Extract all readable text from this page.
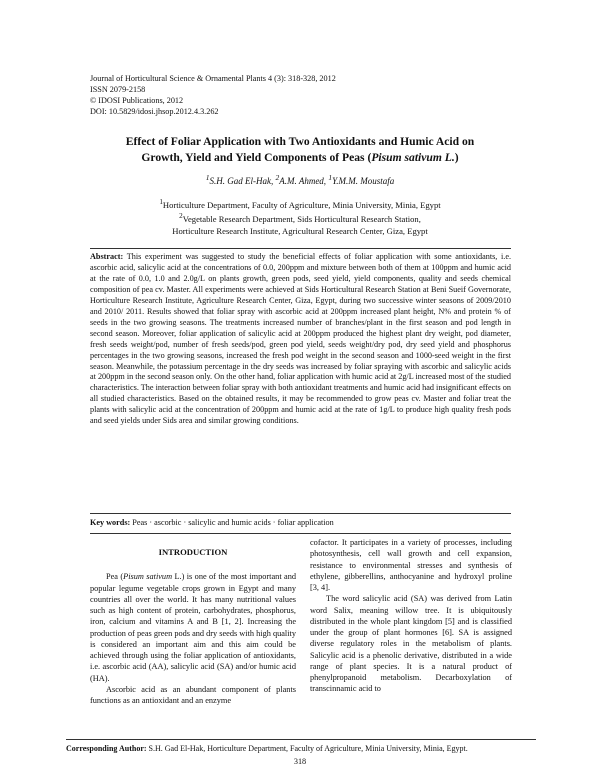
Journal of Horticultural Science & Ornamental Plants 4 (3): 318-328, 2012
ISSN 2079-2158
© IDOSI Publications, 2012
DOI: 10.5829/idosi.jhsop.2012.4.3.262
Effect of Foliar Application with Two Antioxidants and Humic Acid on
Growth, Yield and Yield Components of Peas (Pisum sativum L.)
$^1$S.H. Gad El-Hak, $^2$A.M. Ahmed, $^1$Y.M.M. Moustafa
$^1$Horticulture Department, Faculty of Agriculture, Minia University, Minia, Egypt
$^2$Vegetable Research Department, Sids Horticultural Research Station,
Horticulture Research Institute, Agricultural Research Center, Giza, Egypt
Abstract: This experiment was suggested to study the beneficial effects of foliar application with some antioxidants, i.e. ascorbic acid, salicylic acid at the concentrations of 0.0, 200ppm and mixture between both of them at 100ppm and humic acid at the rate of 0.0, 1.0 and 2.0g/L on plants growth, green pods, seed yield, yield components, quality and seeds chemical composition of pea cv. Master. All experiments were achieved at Sids Horticultural Research Station at Beni Sueif Governorate, Horticulture Research Institute, Agriculture Research Center, Giza, Egypt, during two successive winter seasons of 2009/2010 and 2010/ 2011. Results showed that foliar spray with ascorbic acid at 200ppm increased plant height, N% and protein % of seeds in the two growing seasons. The treatments increased number of branches/plant in the first season and pod length in second season. Moreover, foliar application of salicylic acid at 200ppm produced the highest plant dry weight, pod diameter, fresh seeds weight/pod, number of fresh seeds/pod, green pod yield, seeds weight/dry pod, dry seed yield and phosphorus percentages in the two growing seasons, increased the fresh pod weight in the second season and 1000-seed weight in the first season. Meanwhile, the potassium percentage in the dry seeds was increased by foliar spraying with ascorbic and salicylic acids at 200ppm in the second season only. On the other hand, foliar application with humic acid at 2g/L increased most of the studied characteristics. The interaction between foliar spray with both antioxidant treatments and humic acid had insignificant effects on all studied characteristics. Based on the obtained results, it may be recommended to grow peas cv. Master and foliar treat the plants with salicylic acid at the concentration of 200ppm and humic acid at the rate of 1g/L to produce high quality fresh pods and seed yields under Sids area and similar growing conditions.
Key words: Peas · ascorbic · salicylic and humic acids · foliar application

INTRODUCTION

Pea (Pisum sativum L.) is one of the most important and popular legume vegetable crops grown in Egypt and many countries all over the world. It has many nutritional values such as high content of protein, carbohydrates, phosphorus, iron, calcium and vitamins A and B [1, 2]. Increasing the production of peas green pods and dry seeds with high quality is considered an important aim and this aim could be achieved through using the foliar application of antioxidants, i.e. ascorbic acid (AA), salicylic acid (SA) and/or humic acid (HA).

Ascorbic acid as an abundant component of plants functions as an antioxidant and an enzyme

cofactor. It participates in a variety of processes, including photosynthesis, cell wall growth and cell expansion, resistance to environmental stresses and synthesis of ethylene, gibberellins, anthocyanine and hydroxyl proline [3, 4].

The word salicylic acid (SA) was derived from Latin word Salix, meaning willow tree. It is ubiquitously distributed in the whole plant kingdom [5] and is classified under the group of plant hormones [6]. SA is assigned diverse regulatory roles in the metabolism of plants. Salicylic acid is a phenolic derivative, distributed in a wide range of plant species. It is a natural product of phenylpropanoid metabolism. Decarboxylation of transcinnamic acid to

Corresponding Author: S.H. Gad El-Hak, Horticulture Department, Faculty of Agriculture, Minia University, Minia, Egypt.
318
